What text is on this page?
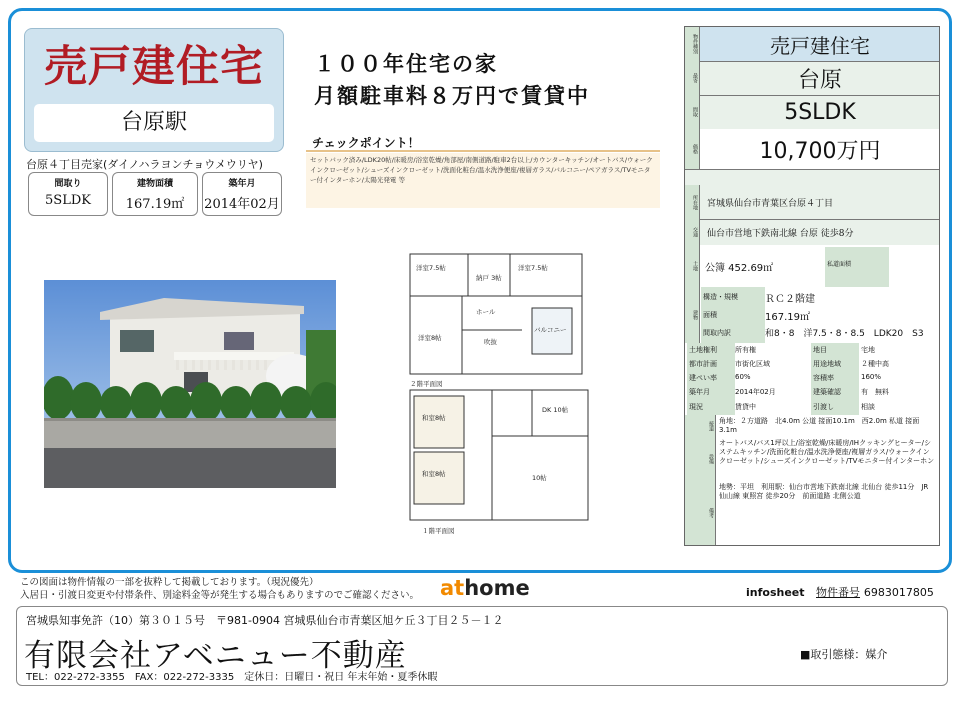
売戸建住宅
台原駅
台原４丁目売家(ダイノハラヨンチョウメウリヤ)
間取り
5SLDK
建物面積
167.19㎡
築年月
2014年02月
１００年住宅の家
月額駐車料８万円で賃貸中
チェックポイント！
セットバック済み/LDK20帖/床暖房/浴室乾燥/角部屋/南側道路/駐車2台以上/カウンターキッチン/オートバス/ウォークインクローゼット/シューズインクローゼット/洗面化粧台/温水洗浄便座/複層ガラス/バルコニー/ペアガラス/TVモニター付インターホン/太陽光発電 等
洋室7.5帖
納戸 3帖
洋室7.5帖
洋室8帖
ホール
吹抜
バルコニー
和室8帖
和室8帖
DK 10帖
10帖
２階平面図
１階平面図
物件種別	売戸建住宅
最寄	台原
間取	5SLDK
価格	10,700万円
所在地	宮城県仙台市青葉区台原４丁目
交通	仙台市営地下鉄南北線 台原 徒歩8分
土地 公簿 452.69㎡	私道面積
建物
構造・規模	ＲＣ２階建
面積	167.19㎡
間取内訳	和8・8　洋7.5・8・8.5　LDK20　S3
土地権利	所有権	地目	宅地
都市計画	市街化区域	用途地域	２種中高
建ぺい率	60%	容積率	160%
築年月	2014年02月	建築確認	有　無料
現況	賃貸中	引渡し	相談
接道 角地：２方道路　北4.0m 公道 接面10.1m　西2.0m 私道 接面3.1m
設備
オートバス/バス1坪以上/浴室乾燥/床暖房/IHクッキングヒーター/システムキッチン/洗面化粧台/温水洗浄便座/複層ガラス/ウォークインクローゼット/シューズインクローゼット/TVモニター付インターホン
備考
地勢：平坦　利用駅：仙台市営地下鉄南北線 北仙台 徒歩11分　JR仙山線 東照宮 徒歩20分　前面道路 北側公道
この図面は物件情報の一部を抜粋して掲載しております。（現況優先）
入居日・引渡日変更や付帯条件、別途料金等が発生する場合もありますのでご確認ください。 athome	infosheet 物件番号 6983017805
宮城県知事免許（10）第３０１５号　〒981-0904 宮城県仙台市青葉区旭ケ丘３丁目２５－１２
有限会社アベニュー不動産
TEL：022-272-3355　FAX：022-272-3335　定休日：日曜日・祝日 年末年始・夏季休暇
■取引態様：媒介
